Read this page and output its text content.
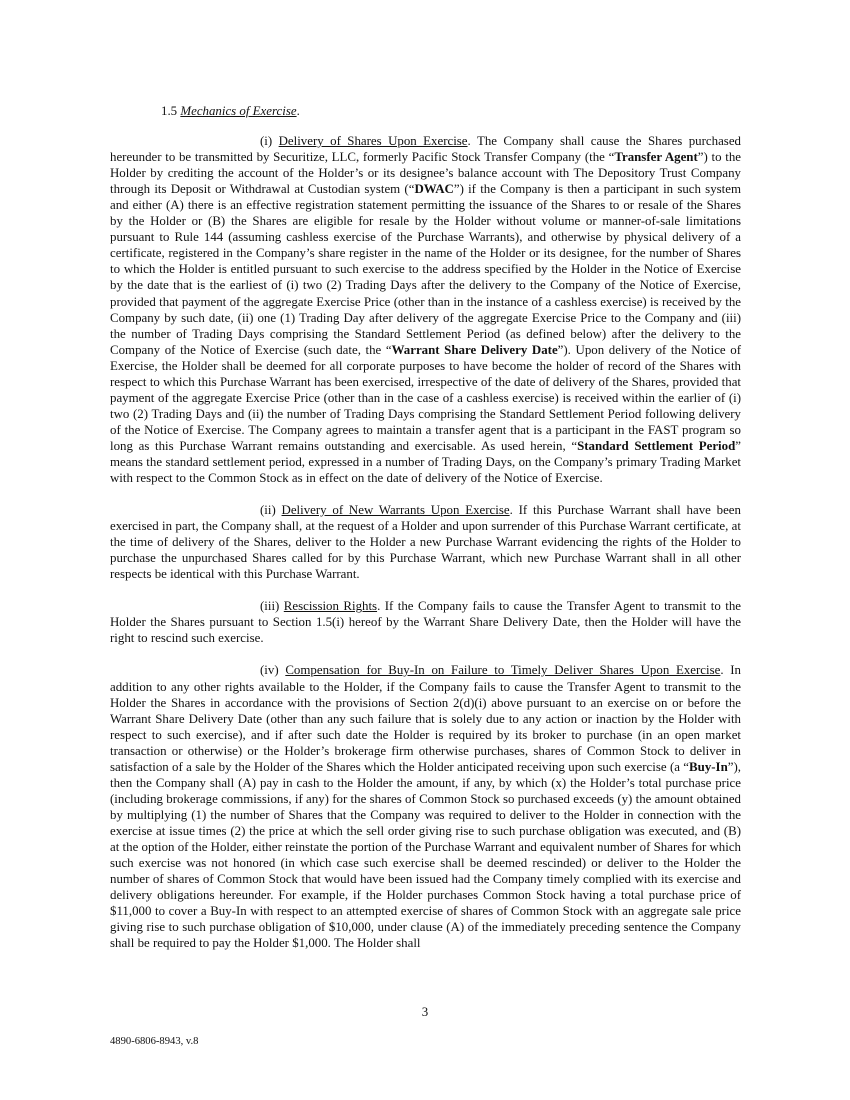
1.5 Mechanics of Exercise.

(i) Delivery of Shares Upon Exercise. The Company shall cause the Shares purchased hereunder to be transmitted by Securitize, LLC, formerly Pacific Stock Transfer Company (the “Transfer Agent”) to the Holder by crediting the account of the Holder’s or its designee’s balance account with The Depository Trust Company through its Deposit or Withdrawal at Custodian system (“DWAC”) if the Company is then a participant in such system and either (A) there is an effective registration statement permitting the issuance of the Shares to or resale of the Shares by the Holder or (B) the Shares are eligible for resale by the Holder without volume or manner-of-sale limitations pursuant to Rule 144 (assuming cashless exercise of the Purchase Warrants), and otherwise by physical delivery of a certificate, registered in the Company’s share register in the name of the Holder or its designee, for the number of Shares to which the Holder is entitled pursuant to such exercise to the address specified by the Holder in the Notice of Exercise by the date that is the earliest of (i) two (2) Trading Days after the delivery to the Company of the Notice of Exercise, provided that payment of the aggregate Exercise Price (other than in the instance of a cashless exercise) is received by the Company by such date, (ii) one (1) Trading Day after delivery of the aggregate Exercise Price to the Company and (iii) the number of Trading Days comprising the Standard Settlement Period (as defined below) after the delivery to the Company of the Notice of Exercise (such date, the “Warrant Share Delivery Date”). Upon delivery of the Notice of Exercise, the Holder shall be deemed for all corporate purposes to have become the holder of record of the Shares with respect to which this Purchase Warrant has been exercised, irrespective of the date of delivery of the Shares, provided that payment of the aggregate Exercise Price (other than in the case of a cashless exercise) is received within the earlier of (i) two (2) Trading Days and (ii) the number of Trading Days comprising the Standard Settlement Period following delivery of the Notice of Exercise. The Company agrees to maintain a transfer agent that is a participant in the FAST program so long as this Purchase Warrant remains outstanding and exercisable. As used herein, “Standard Settlement Period” means the standard settlement period, expressed in a number of Trading Days, on the Company’s primary Trading Market with respect to the Common Stock as in effect on the date of delivery of the Notice of Exercise.

(ii) Delivery of New Warrants Upon Exercise. If this Purchase Warrant shall have been exercised in part, the Company shall, at the request of a Holder and upon surrender of this Purchase Warrant certificate, at the time of delivery of the Shares, deliver to the Holder a new Purchase Warrant evidencing the rights of the Holder to purchase the unpurchased Shares called for by this Purchase Warrant, which new Purchase Warrant shall in all other respects be identical with this Purchase Warrant.

(iii) Rescission Rights. If the Company fails to cause the Transfer Agent to transmit to the Holder the Shares pursuant to Section 1.5(i) hereof by the Warrant Share Delivery Date, then the Holder will have the right to rescind such exercise.

(iv) Compensation for Buy-In on Failure to Timely Deliver Shares Upon Exercise. In addition to any other rights available to the Holder, if the Company fails to cause the Transfer Agent to transmit to the Holder the Shares in accordance with the provisions of Section 2(d)(i) above pursuant to an exercise on or before the Warrant Share Delivery Date (other than any such failure that is solely due to any action or inaction by the Holder with respect to such exercise), and if after such date the Holder is required by its broker to purchase (in an open market transaction or otherwise) or the Holder’s brokerage firm otherwise purchases, shares of Common Stock to deliver in satisfaction of a sale by the Holder of the Shares which the Holder anticipated receiving upon such exercise (a “Buy-In”), then the Company shall (A) pay in cash to the Holder the amount, if any, by which (x) the Holder’s total purchase price (including brokerage commissions, if any) for the shares of Common Stock so purchased exceeds (y) the amount obtained by multiplying (1) the number of Shares that the Company was required to deliver to the Holder in connection with the exercise at issue times (2) the price at which the sell order giving rise to such purchase obligation was executed, and (B) at the option of the Holder, either reinstate the portion of the Purchase Warrant and equivalent number of Shares for which such exercise was not honored (in which case such exercise shall be deemed rescinded) or deliver to the Holder the number of shares of Common Stock that would have been issued had the Company timely complied with its exercise and delivery obligations hereunder. For example, if the Holder purchases Common Stock having a total purchase price of $11,000 to cover a Buy-In with respect to an attempted exercise of shares of Common Stock with an aggregate sale price giving rise to such purchase obligation of $10,000, under clause (A) of the immediately preceding sentence the Company shall be required to pay the Holder $1,000. The Holder shall

3
4890-6806-8943, v.8
